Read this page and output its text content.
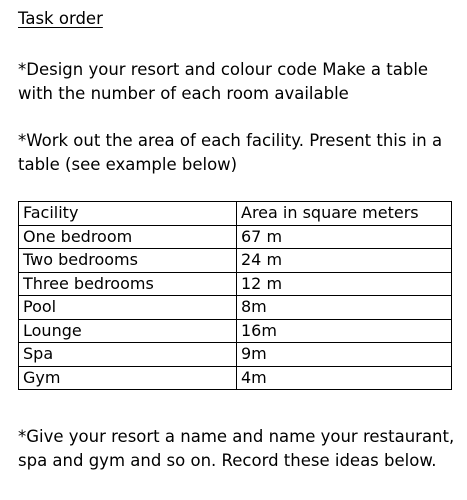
Task order

*Design your resort and colour code Make a table with the number of each room available

*Work out the area of each facility. Present this in a table (see example below)

Facility	Area in square meters
One bedroom	67 m
Two bedrooms	24 m
Three bedrooms	12 m
Pool	8m
Lounge	16m
Spa	9m
Gym	4m

*Give your resort a name and name your restaurant, spa and gym and so on. Record these ideas below.
